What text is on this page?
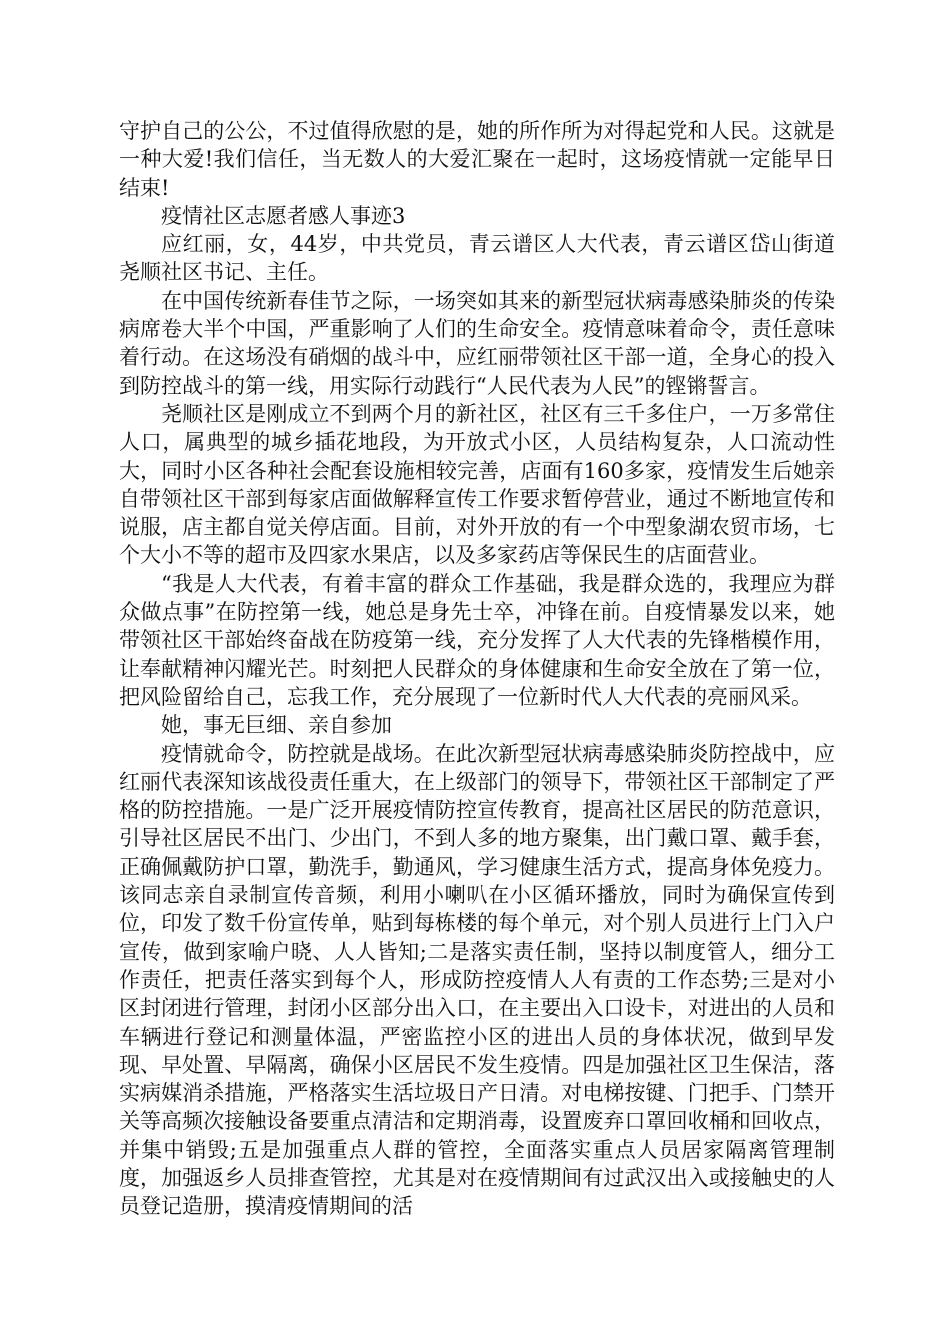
守护自己的公公，不过值得欣慰的是，她的所作所为对得起党和人民。这就是一种大爱!我们信任，当无数人的大爱汇聚在一起时，这场疫情就一定能早日结束!

疫情社区志愿者感人事迹3

应红丽，女，44岁，中共党员，青云谱区人大代表，青云谱区岱山街道尧顺社区书记、主任。

在中国传统新春佳节之际，一场突如其来的新型冠状病毒感染肺炎的传染病席卷大半个中国，严重影响了人们的生命安全。疫情意味着命令，责任意味着行动。在这场没有硝烟的战斗中，应红丽带领社区干部一道，全身心的投入到防控战斗的第一线，用实际行动践行“人民代表为人民”的铿锵誓言。

尧顺社区是刚成立不到两个月的新社区，社区有三千多住户，一万多常住人口，属典型的城乡插花地段，为开放式小区，人员结构复杂，人口流动性大，同时小区各种社会配套设施相较完善，店面有160多家，疫情发生后她亲自带领社区干部到每家店面做解释宣传工作要求暂停营业，通过不断地宣传和说服，店主都自觉关停店面。目前，对外开放的有一个中型象湖农贸市场，七个大小不等的超市及四家水果店，以及多家药店等保民生的店面营业。

“我是人大代表，有着丰富的群众工作基础，我是群众选的，我理应为群众做点事”在防控第一线，她总是身先士卒，冲锋在前。自疫情暴发以来，她带领社区干部始终奋战在防疫第一线，充分发挥了人大代表的先锋楷模作用，让奉献精神闪耀光芒。时刻把人民群众的身体健康和生命安全放在了第一位，把风险留给自己，忘我工作，充分展现了一位新时代人大代表的亮丽风采。

她，事无巨细、亲自参加

疫情就命令，防控就是战场。在此次新型冠状病毒感染肺炎防控战中，应红丽代表深知该战役责任重大，在上级部门的领导下，带领社区干部制定了严格的防控措施。一是广泛开展疫情防控宣传教育，提高社区居民的防范意识，引导社区居民不出门、少出门，不到人多的地方聚集，出门戴口罩、戴手套，正确佩戴防护口罩，勤洗手，勤通风，学习健康生活方式，提高身体免疫力。该同志亲自录制宣传音频，利用小喇叭在小区循环播放，同时为确保宣传到位，印发了数千份宣传单，贴到每栋楼的每个单元，对个别人员进行上门入户宣传，做到家喻户晓、人人皆知;二是落实责任制，坚持以制度管人，细分工作责任，把责任落实到每个人，形成防控疫情人人有责的工作态势;三是对小区封闭进行管理，封闭小区部分出入口，在主要出入口设卡，对进出的人员和车辆进行登记和测量体温，严密监控小区的进出人员的身体状况，做到早发现、早处置、早隔离，确保小区居民不发生疫情。四是加强社区卫生保洁，落实病媒消杀措施，严格落实生活垃圾日产日清。对电梯按键、门把手、门禁开关等高频次接触设备要重点清洁和定期消毒，设置废弃口罩回收桶和回收点，并集中销毁;五是加强重点人群的管控，全面落实重点人员居家隔离管理制度，加强返乡人员排查管控，尤其是对在疫情期间有过武汉出入或接触史的人员登记造册，摸清疫情期间的活
